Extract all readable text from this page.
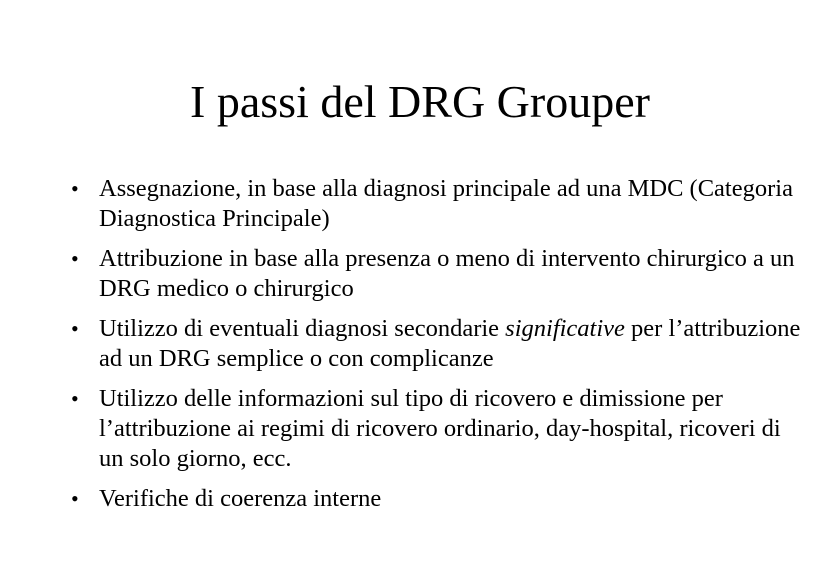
I passi del DRG Grouper
• Assegnazione, in base alla diagnosi principale ad una MDC (Categoria Diagnostica Principale)
• Attribuzione in base alla presenza o meno di intervento chirurgico a un DRG medico o chirurgico
• Utilizzo di eventuali diagnosi secondarie significative per l’attribuzione ad un DRG semplice o con complicanze
• Utilizzo delle informazioni sul tipo di ricovero e dimissione per l’attribuzione ai regimi di ricovero ordinario, day-hospital, ricoveri di un solo giorno, ecc.
• Verifiche di coerenza interne
